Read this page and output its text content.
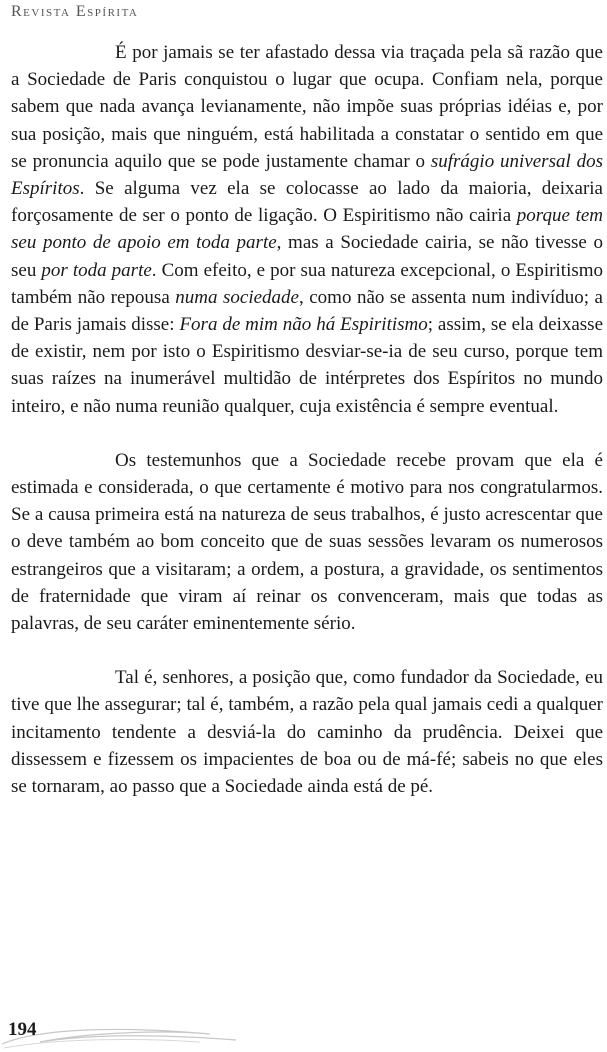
Revista Espírita

É por jamais se ter afastado dessa via traçada pela sã razão que a Sociedade de Paris conquistou o lugar que ocupa. Confiam nela, porque sabem que nada avança levianamente, não impõe suas próprias idéias e, por sua posição, mais que ninguém, está habilitada a constatar o sentido em que se pronuncia aquilo que se pode justamente chamar o sufrágio universal dos Espíritos. Se alguma vez ela se colocasse ao lado da maioria, deixaria forçosamente de ser o ponto de ligação. O Espiritismo não cairia porque tem seu ponto de apoio em toda parte, mas a Sociedade cairia, se não tivesse o seu por toda parte. Com efeito, e por sua natureza excepcional, o Espiritismo também não repousa numa sociedade, como não se assenta num indivíduo; a de Paris jamais disse: Fora de mim não há Espiritismo; assim, se ela deixasse de existir, nem por isto o Espiritismo desviar-se-ia de seu curso, porque tem suas raízes na inumerável multidão de intérpretes dos Espíritos no mundo inteiro, e não numa reunião qualquer, cuja existência é sempre eventual.

Os testemunhos que a Sociedade recebe provam que ela é estimada e considerada, o que certamente é motivo para nos congratularmos. Se a causa primeira está na natureza de seus trabalhos, é justo acrescentar que o deve também ao bom conceito que de suas sessões levaram os numerosos estrangeiros que a visitaram; a ordem, a postura, a gravidade, os sentimentos de fraternidade que viram aí reinar os convenceram, mais que todas as palavras, de seu caráter eminentemente sério.

Tal é, senhores, a posição que, como fundador da Sociedade, eu tive que lhe assegurar; tal é, também, a razão pela qual jamais cedi a qualquer incitamento tendente a desviá-la do caminho da prudência. Deixei que dissessem e fizessem os impacientes de boa ou de má-fé; sabeis no que eles se tornaram, ao passo que a Sociedade ainda está de pé.

194
